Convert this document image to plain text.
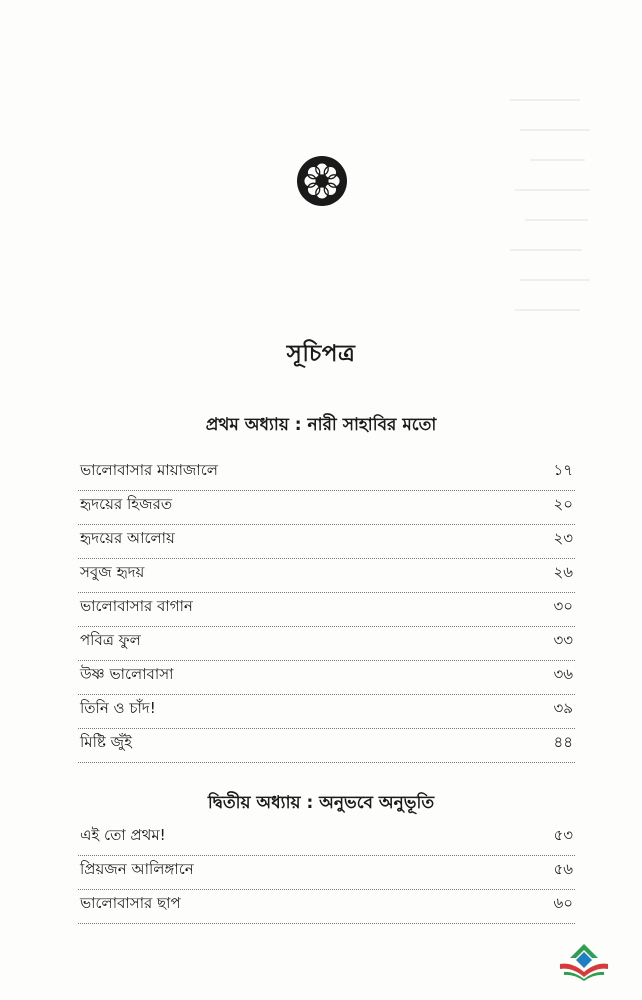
সূচিপত্র
প্রথম অধ্যায় : নারী সাহাবির মতো
ভালোবাসার মায়াজালে	১৭
হৃদয়ের হিজরত	২০
হৃদয়ের আলোয়	২৩
সবুজ হৃদয়	২৬
ভালোবাসার বাগান	৩০
পবিত্র ফুল	৩৩
উষ্ণ ভালোবাসা	৩৬
তিনি ও চাঁদ!	৩৯
মিষ্টি জুঁই	৪৪
দ্বিতীয় অধ্যায় : অনুভবে অনুভূতি
এই তো প্রথম!	৫৩
প্রিয়জন আলিঙ্গানে	৫৬
ভালোবাসার ছাপ	৬০
